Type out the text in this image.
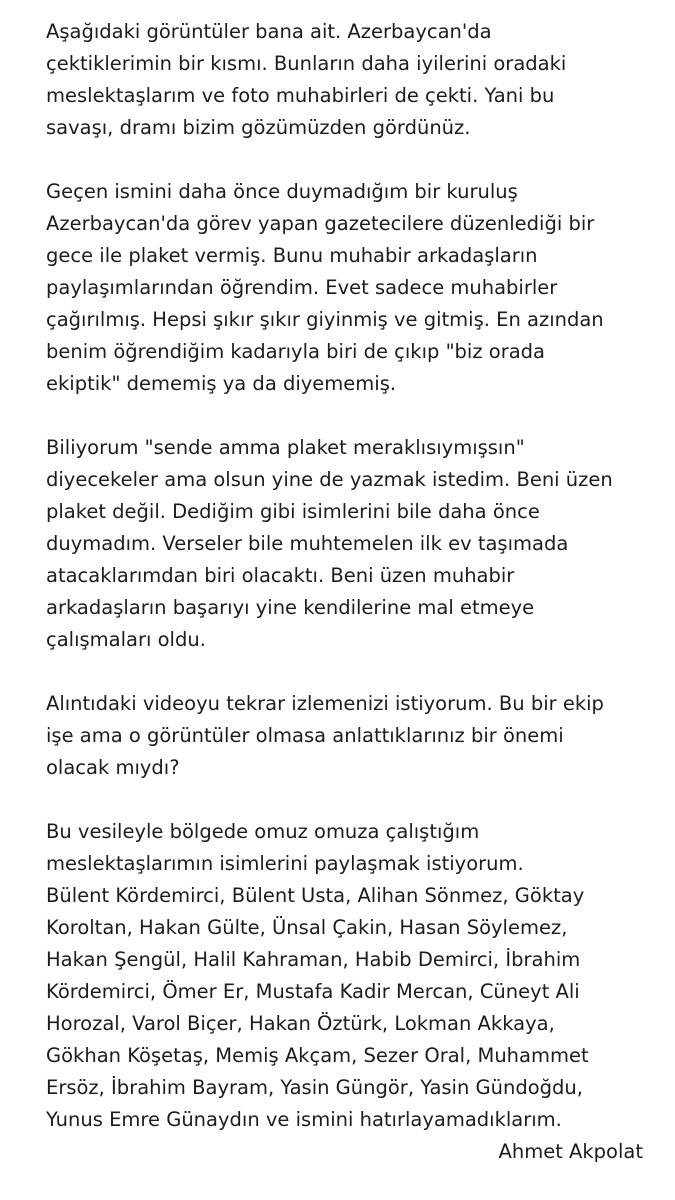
Aşağıdaki görüntüler bana ait. Azerbaycan'da
çektiklerimin bir kısmı. Bunların daha iyilerini oradaki
meslektaşlarım ve foto muhabirleri de çekti. Yani bu
savaşı, dramı bizim gözümüzden gördünüz.
Geçen ismini daha önce duymadığım bir kuruluş
Azerbaycan'da görev yapan gazetecilere düzenlediği bir
gece ile plaket vermiş. Bunu muhabir arkadaşların
paylaşımlarından öğrendim. Evet sadece muhabirler
çağırılmış. Hepsi şıkır şıkır giyinmiş ve gitmiş. En azından
benim öğrendiğim kadarıyla biri de çıkıp "biz orada
ekiptik" dememiş ya da diyememiş.
Biliyorum "sende amma plaket meraklısıymışsın"
diyecekeler ama olsun yine de yazmak istedim. Beni üzen
plaket değil. Dediğim gibi isimlerini bile daha önce
duymadım. Verseler bile muhtemelen ilk ev taşımada
atacaklarımdan biri olacaktı. Beni üzen muhabir
arkadaşların başarıyı yine kendilerine mal etmeye
çalışmaları oldu.
Alıntıdaki videoyu tekrar izlemenizi istiyorum. Bu bir ekip
işe ama o görüntüler olmasa anlattıklarınız bir önemi
olacak mıydı?
Bu vesileyle bölgede omuz omuza çalıştığım
meslektaşlarımın isimlerini paylaşmak istiyorum.
Bülent Kördemirci, Bülent Usta, Alihan Sönmez, Göktay
Koroltan, Hakan Gülte, Ünsal Çakin, Hasan Söylemez,
Hakan Şengül, Halil Kahraman, Habib Demirci, İbrahim
Kördemirci, Ömer Er, Mustafa Kadir Mercan, Cüneyt Ali
Horozal, Varol Biçer, Hakan Öztürk, Lokman Akkaya,
Gökhan Köşetaş, Memiş Akçam, Sezer Oral, Muhammet
Ersöz, İbrahim Bayram, Yasin Güngör, Yasin Gündoğdu,
Yunus Emre Günaydın ve ismini hatırlayamadıklarım.
Ahmet Akpolat
